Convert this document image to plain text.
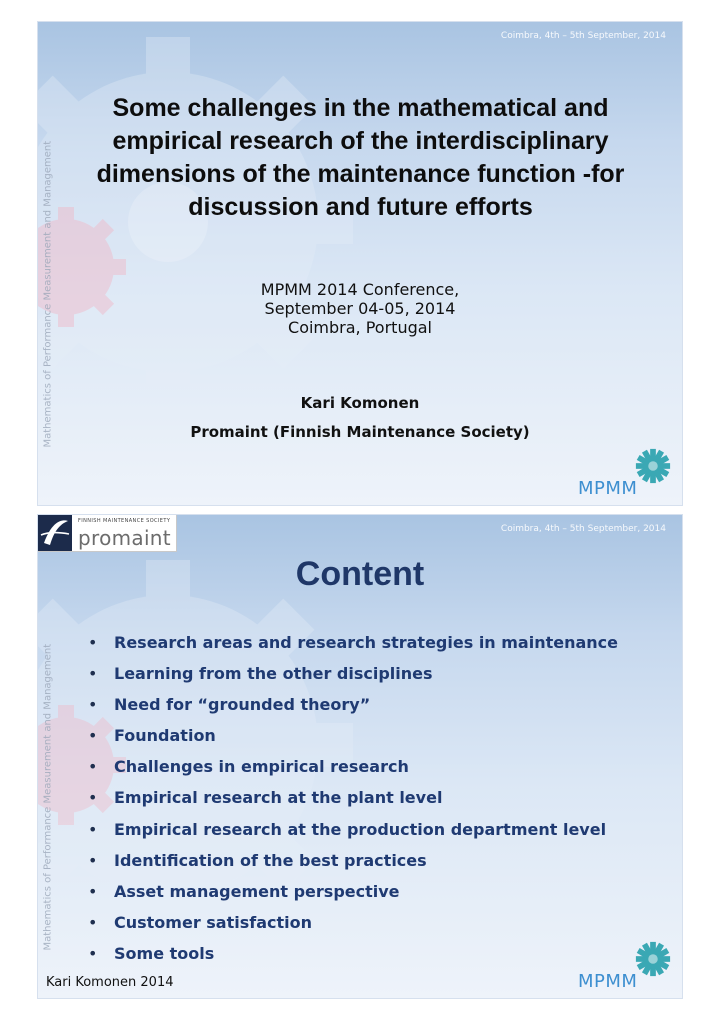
Coimbra, 4th – 5th September, 2014
Mathematics of Performance Measurement and Management
Some challenges in the mathematical and empirical research of the interdisciplinary dimensions of the maintenance function -for discussion and future efforts
MPMM 2014 Conference,
September 04-05, 2014
Coimbra, Portugal
Kari Komonen
Promaint (Finnish Maintenance Society)
MPMM
FINNISH MAINTENANCE SOCIETY
promaint	Coimbra, 4th – 5th September, 2014
Mathematics of Performance Measurement and Management
Content
• Research areas and research strategies in maintenance
• Learning from the other disciplines
• Need for “grounded theory”
• Foundation
• Challenges in empirical research
• Empirical research at the plant level
• Empirical research at the production department level
• Identification of the best practices
• Asset management perspective
• Customer satisfaction
• Some tools
Kari Komonen 2014	MPMM
